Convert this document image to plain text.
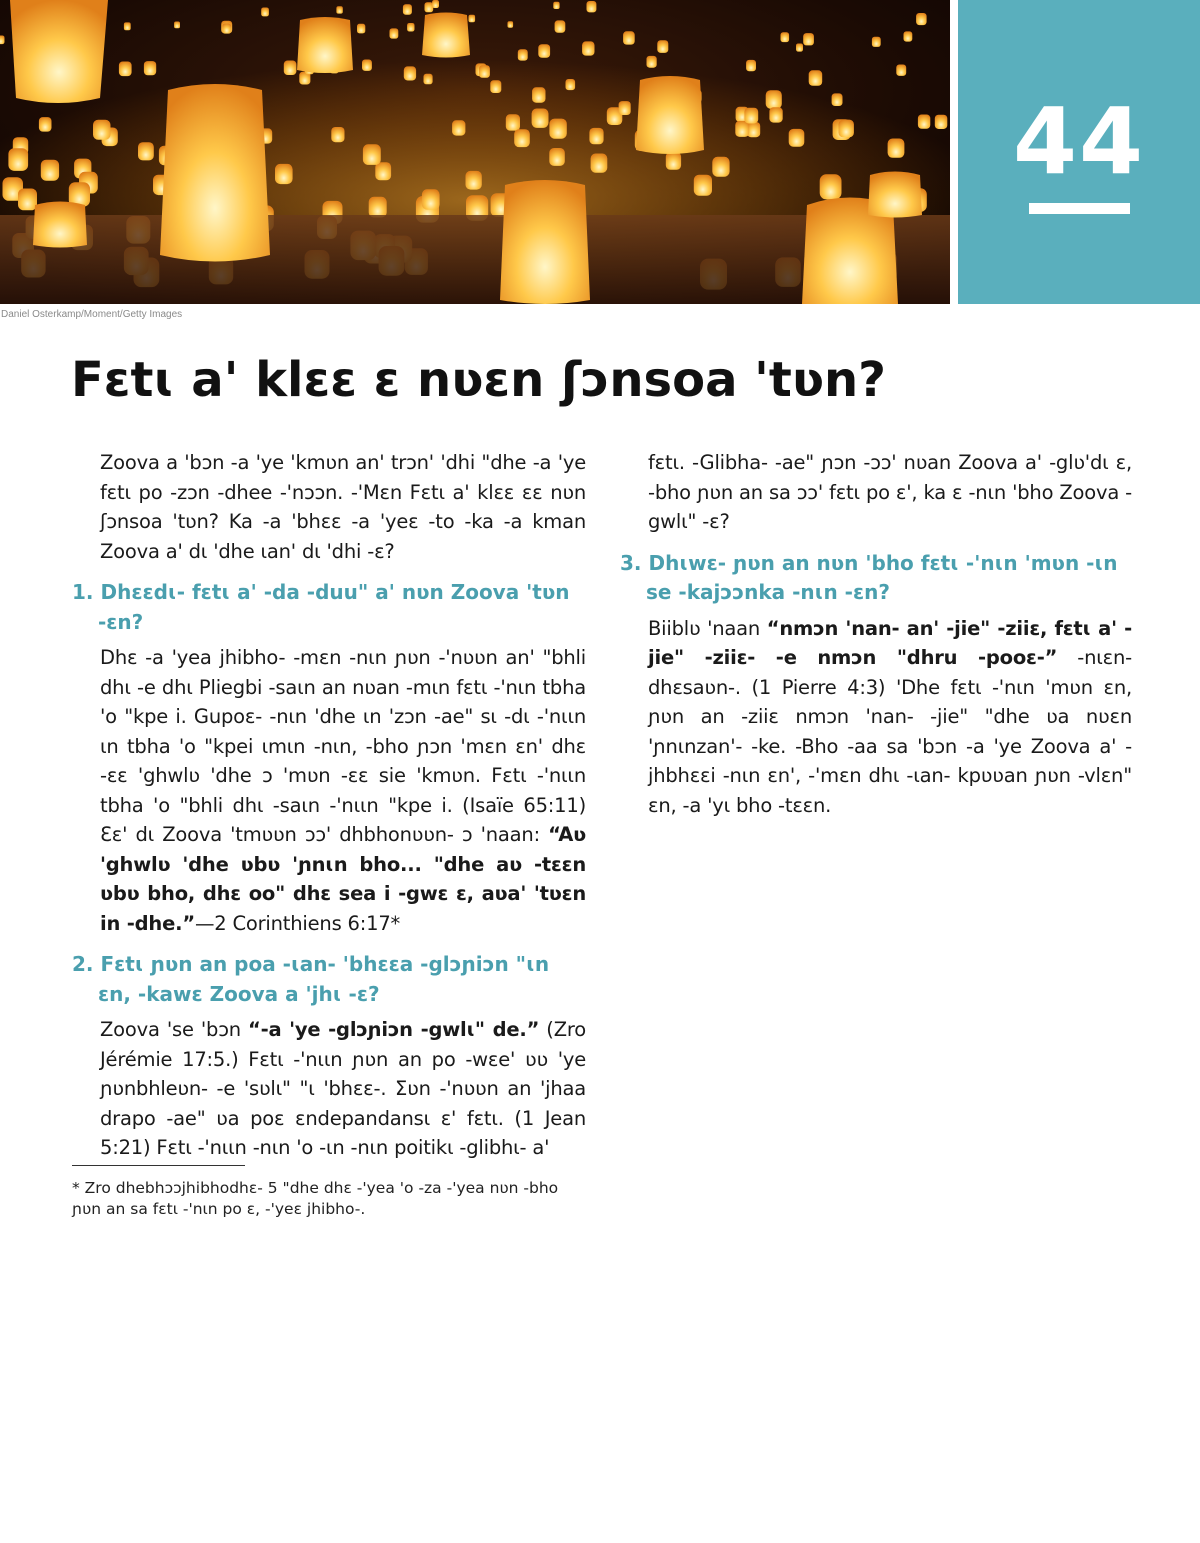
44
Daniel Osterkamp/Moment/Getty Images
Fɛtɩ a' klɛɛ ɛ nʋɛn ʃɔnsoa 'tʋn?

Zoova a 'bɔn -a 'ye 'kmʋn an' trɔn' 'dhi "dhe -a 'ye fɛtɩ po -zɔn -dhee -'nɔɔn. -'Mɛn Fɛtɩ a' klɛɛ ɛɛ nʋn ʃɔnsoa 'tʋn? Ka -a 'bhɛɛ -a 'yeɛ -to -ka -a kman Zoova a' dɩ 'dhe ɩan' dɩ 'dhi -ɛ?

1. Dhɛɛdɩ- fɛtɩ a' -da -duu" a' nʋn Zoova 'tʋn -ɛn?

Dhɛ -a 'yea jhibho- -mɛn -nɩn ɲʋn -'nʋʋn an' "bhli dhɩ -e dhɩ Pliegbi -saɩn an nʋan -mɩn fɛtɩ -'nɩn tbha 'o "kpe i. Gupoɛ- -nɩn 'dhe ɩn 'zɔn -ae" sɩ -dɩ -'nɩɩn ɩn tbha 'o "kpei ɩmɩn -nɩn, -bho ɲɔn 'mɛn ɛn' dhɛ -ɛɛ 'ghwlʋ 'dhe ɔ 'mʋn -ɛɛ sie 'kmʋn. Fɛtɩ -'nɩɩn tbha 'o "bhli dhɩ -saɩn -'nɩɩn "kpe i. (Isaïe 65:11) Ɛɛ' dɩ Zoova 'tmʋʋn ɔɔ' dhbhonʋʋn- ɔ 'naan: “Aʋ 'ghwlʋ 'dhe ʋbʋ 'ɲnɩn bho... "dhe aʋ -tɛɛn ʋbʋ bho, dhɛ oo" dhɛ sea i -gwɛ ɛ, aʋa' 'tʋɛn in -dhe.”—2 Corinthiens 6:17*

2. Fɛtɩ ɲʋn an poa -ɩan- 'bhɛɛa -glɔɲiɔn "ɩn ɛn, -kawɛ Zoova a 'jhɩ -ɛ?

Zoova 'se 'bɔn “-a 'ye -glɔɲiɔn -gwlɩ" de.” (Zro Jérémie 17:5.) Fɛtɩ -'nɩɩn ɲʋn an po -wɛe' ʋʋ 'ye ɲʋnbhleʋn- -e 'sʋlɩ" "ɩ 'bhɛɛ-. Ʃʋn -'nʋʋn an 'jhaa drapo -ae" ʋa poɛ ɛndepandansɩ ɛ' fɛtɩ. (1 Jean 5:21) Fɛtɩ -'nɩɩn -nɩn 'o -ɩn -nɩn poitikɩ -glibhɩ- a'

fɛtɩ. -Glibha- -ae" ɲɔn -ɔɔ' nʋan Zoova a' -glʋ'dɩ ɛ, -bho ɲʋn an sa ɔɔ' fɛtɩ po ɛ', ka ɛ -nɩn 'bho Zoova -gwlɩ" -ɛ?

3. Dhɩwɛ- ɲʋn an nʋn 'bho fɛtɩ -'nɩn 'mʋn -ɩn se -kajɔɔnka -nɩn -ɛn?

Biiblʋ 'naan “nmɔn 'nan- an' -jie" -ziiɛ, fɛtɩ a' -jie" -ziiɛ- -e nmɔn "dhru -pooɛ-” -nɩɛn- dhɛsaʋn-. (1 Pierre 4:3) 'Dhe fɛtɩ -'nɩn 'mʋn ɛn, ɲʋn an -ziiɛ nmɔn 'nan- -jie" "dhe ʋa nʋɛn 'ɲnɩnzan'- -ke. -Bho -aa sa 'bɔn -a 'ye Zoova a' -jhbhɛɛi -nɩn ɛn', -'mɛn dhɩ -ɩan- kpʋʋan ɲʋn -vlɛn" ɛn, -a 'yɩ bho -tɛɛn.

* Zro dhebhɔɔjhibhodhɛ- 5 "dhe dhɛ -'yea 'o -za -'yea nʋn -bho ɲʋn an sa fɛtɩ -'nɩn po ɛ, -'yeɛ jhibho-.
